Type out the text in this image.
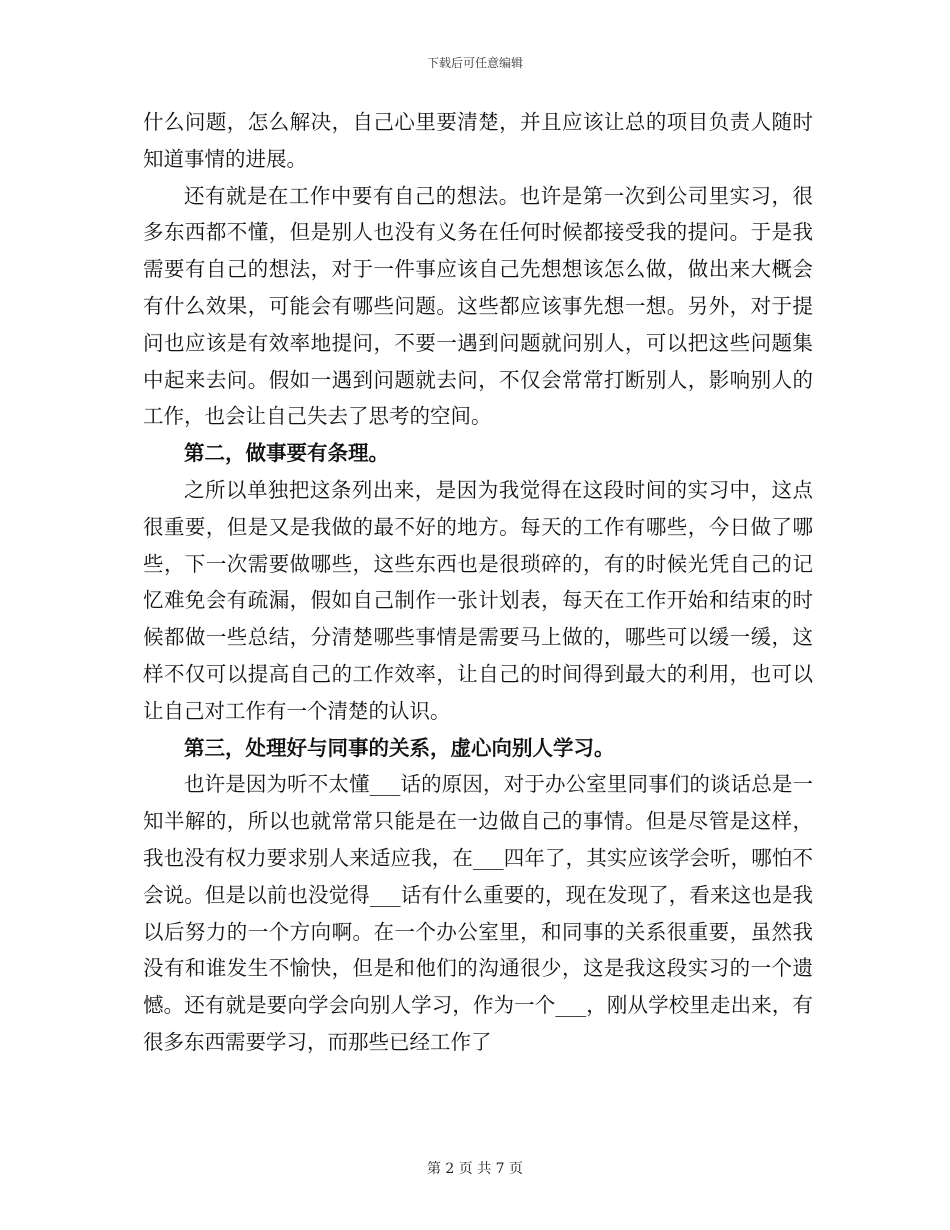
下载后可任意编辑

什么问题，怎么解决，自己心里要清楚，并且应该让总的项目负责人随时知道事情的进展。

还有就是在工作中要有自己的想法。也许是第一次到公司里实习，很多东西都不懂，但是别人也没有义务在任何时候都接受我的提问。于是我需要有自己的想法，对于一件事应该自己先想想该怎么做，做出来大概会有什么效果，可能会有哪些问题。这些都应该事先想一想。另外，对于提问也应该是有效率地提问，不要一遇到问题就问别人，可以把这些问题集中起来去问。假如一遇到问题就去问，不仅会常常打断别人，影响别人的工作，也会让自己失去了思考的空间。

第二，做事要有条理。

之所以单独把这条列出来，是因为我觉得在这段时间的实习中，这点很重要，但是又是我做的最不好的地方。每天的工作有哪些，今日做了哪些，下一次需要做哪些，这些东西也是很琐碎的，有的时候光凭自己的记忆难免会有疏漏，假如自己制作一张计划表，每天在工作开始和结束的时候都做一些总结，分清楚哪些事情是需要马上做的，哪些可以缓一缓，这样不仅可以提高自己的工作效率，让自己的时间得到最大的利用，也可以让自己对工作有一个清楚的认识。

第三，处理好与同事的关系，虚心向别人学习。

也许是因为听不太懂___话的原因，对于办公室里同事们的谈话总是一知半解的，所以也就常常只能是在一边做自己的事情。但是尽管是这样，我也没有权力要求别人来适应我，在___四年了，其实应该学会听，哪怕不会说。但是以前也没觉得___话有什么重要的，现在发现了，看来这也是我以后努力的一个方向啊。在一个办公室里，和同事的关系很重要，虽然我没有和谁发生不愉快，但是和他们的沟通很少，这是我这段实习的一个遗憾。还有就是要向学会向别人学习，作为一个___，刚从学校里走出来，有很多东西需要学习，而那些已经工作了

第 2 页 共 7 页
